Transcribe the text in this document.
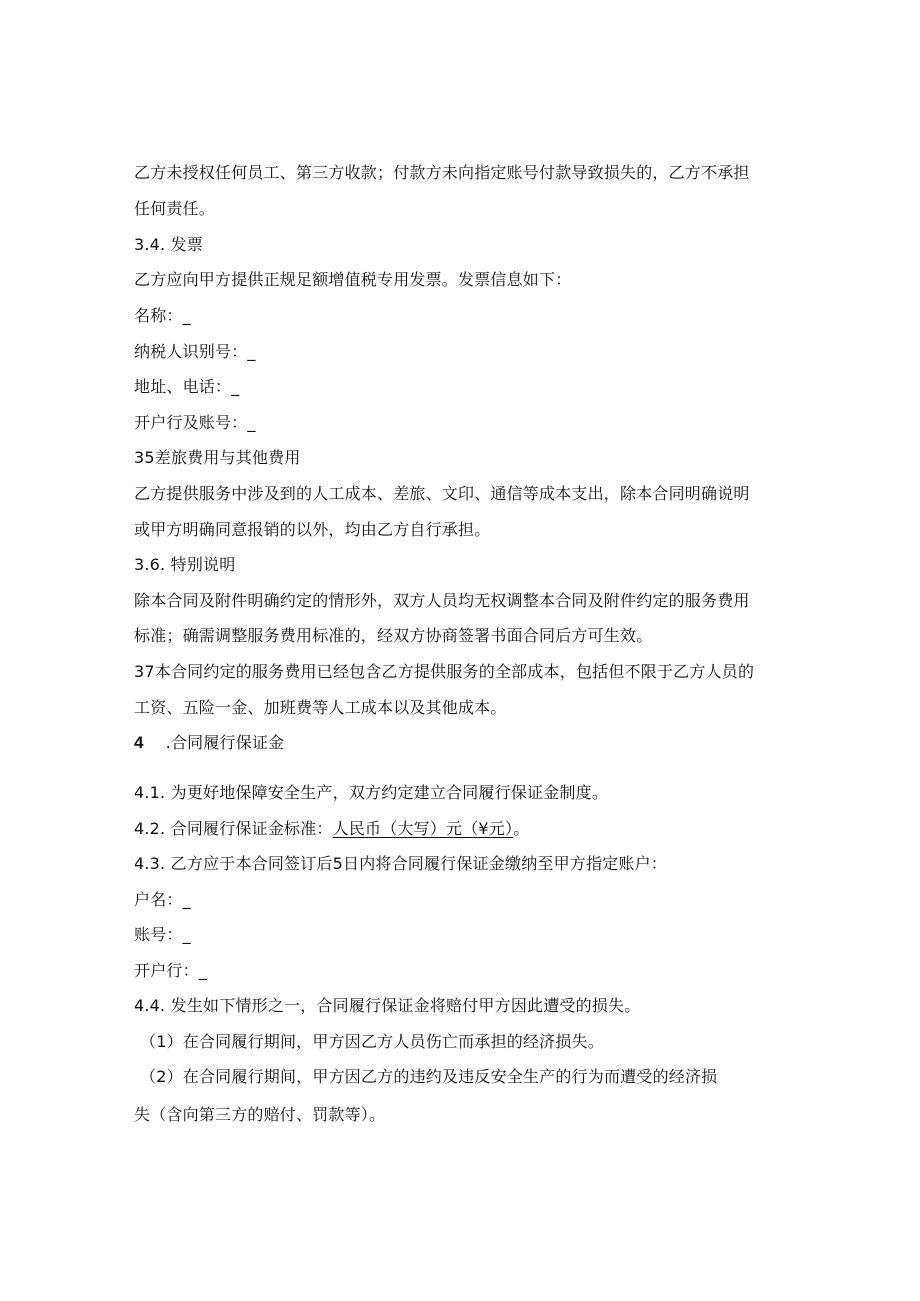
乙方未授权任何员工、第三方收款；付款方未向指定账号付款导致损失的，乙方不承担
任何责任。
3.4. 发票
乙方应向甲方提供正规足额增值税专用发票。发票信息如下：
名称：_
纳税人识别号：_
地址、电话：_
开户行及账号：_
35差旅费用与其他费用
乙方提供服务中涉及到的人工成本、差旅、文印、通信等成本支出，除本合同明确说明
或甲方明确同意报销的以外，均由乙方自行承担。
3.6. 特别说明
除本合同及附件明确约定的情形外，双方人员均无权调整本合同及附件约定的服务费用
标准；确需调整服务费用标准的，经双方协商签署书面合同后方可生效。
37本合同约定的服务费用已经包含乙方提供服务的全部成本，包括但不限于乙方人员的
工资、五险一金、加班费等人工成本以及其他成本。
4 .合同履行保证金
4.1. 为更好地保障安全生产，双方约定建立合同履行保证金制度。
4.2. 合同履行保证金标准：人民币（大写）元（¥元）。
4.3. 乙方应于本合同签订后5日内将合同履行保证金缴纳至甲方指定账户：
户名：_
账号：_
开户行：_
4.4. 发生如下情形之一，合同履行保证金将赔付甲方因此遭受的损失。
（1）在合同履行期间，甲方因乙方人员伤亡而承担的经济损失。
（2）在合同履行期间，甲方因乙方的违约及违反安全生产的行为而遭受的经济损
失（含向第三方的赔付、罚款等）。
